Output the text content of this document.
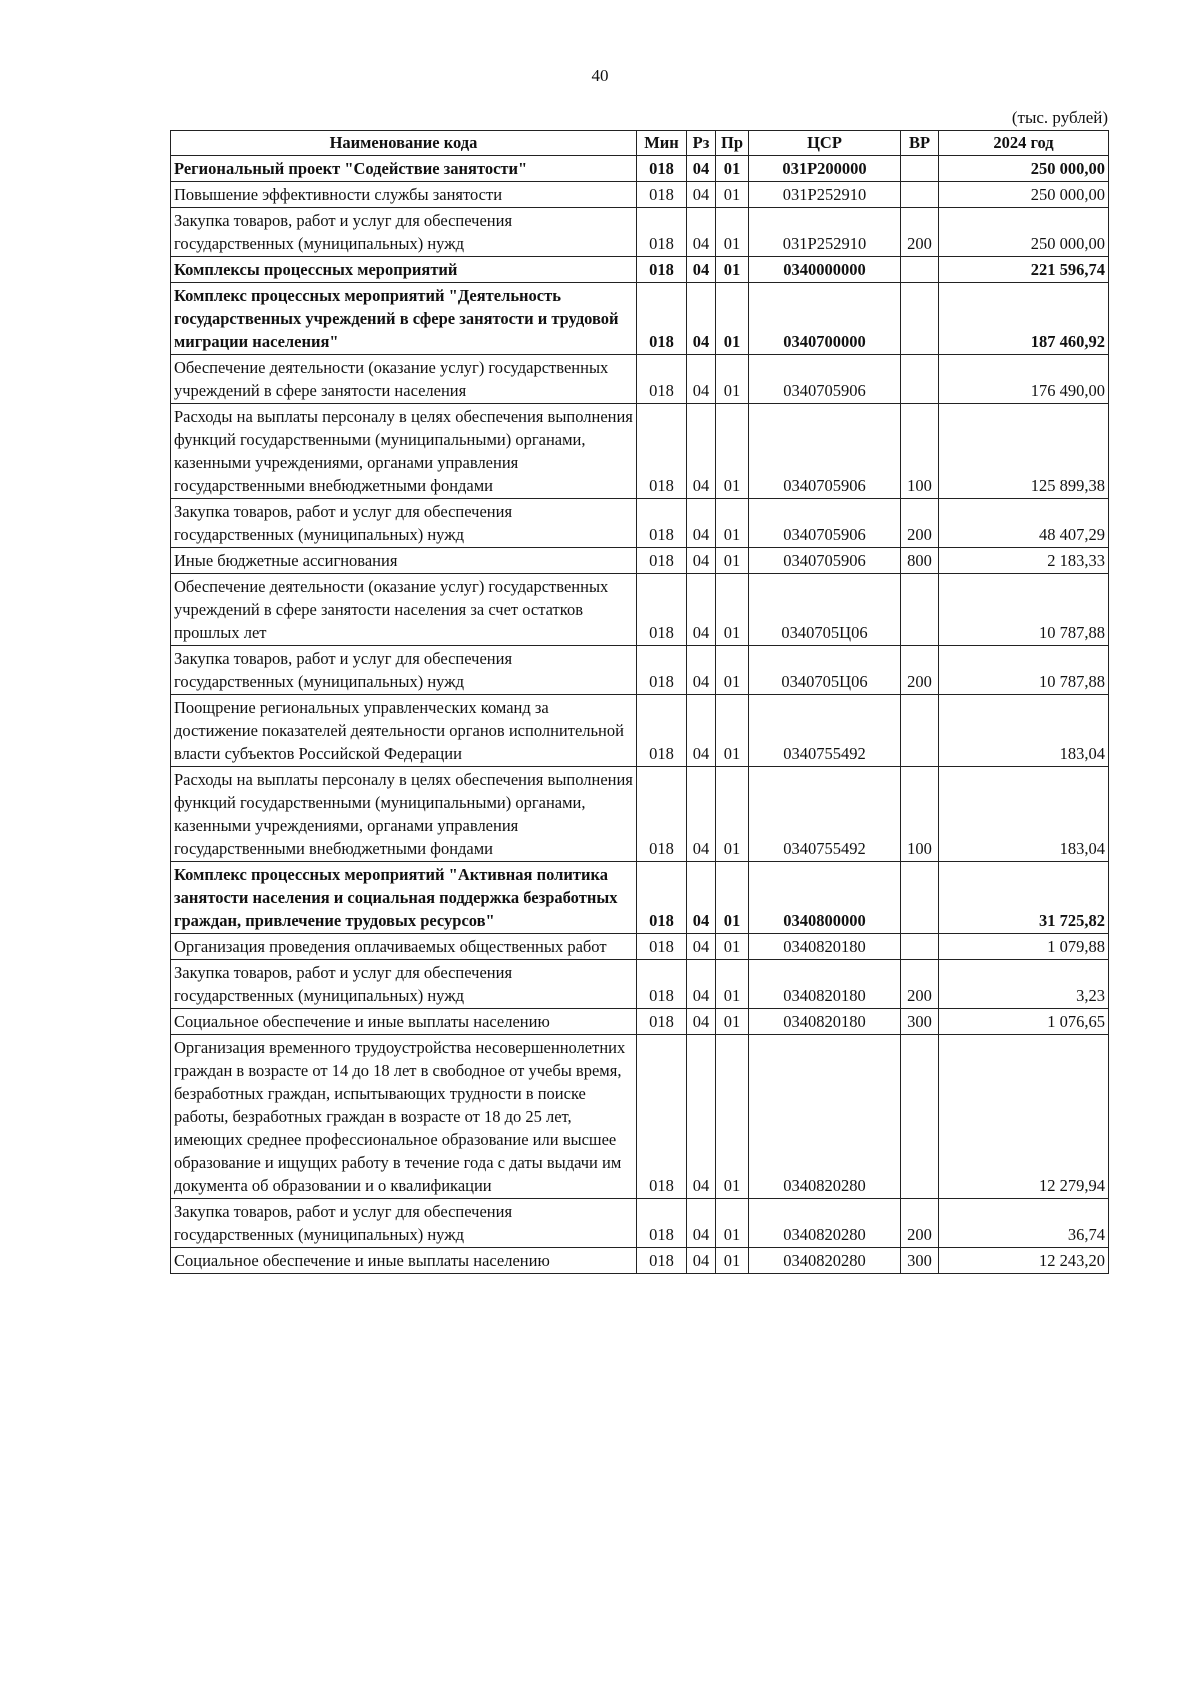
40
(тыс. рублей)
Наименование кода	Мин	Рз	Пр	ЦСР	ВР	2024 год
Региональный проект "Содействие занятости"	018	04	01	031P200000		250 000,00
Повышение эффективности службы занятости	018	04	01	031P252910		250 000,00
Закупка товаров, работ и услуг для обеспечения государственных (муниципальных) нужд	018	04	01	031P252910	200	250 000,00
Комплексы процессных мероприятий	018	04	01	0340000000		221 596,74
Комплекс процессных мероприятий "Деятельность государственных учреждений в сфере занятости и трудовой миграции населения"	018	04	01	0340700000		187 460,92
Обеспечение деятельности (оказание услуг) государственных учреждений в сфере занятости населения	018	04	01	0340705906		176 490,00
Расходы на выплаты персоналу в целях обеспечения выполнения функций государственными (муниципальными) органами, казенными учреждениями, органами управления государственными внебюджетными фондами	018	04	01	0340705906	100	125 899,38
Закупка товаров, работ и услуг для обеспечения государственных (муниципальных) нужд	018	04	01	0340705906	200	48 407,29
Иные бюджетные ассигнования	018	04	01	0340705906	800	2 183,33
Обеспечение деятельности (оказание услуг) государственных учреждений в сфере занятости населения за счет остатков прошлых лет	018	04	01	0340705Ц06		10 787,88
Закупка товаров, работ и услуг для обеспечения государственных (муниципальных) нужд	018	04	01	0340705Ц06	200	10 787,88
Поощрение региональных управленческих команд за достижение показателей деятельности органов исполнительной власти субъектов Российской Федерации	018	04	01	0340755492		183,04
Расходы на выплаты персоналу в целях обеспечения выполнения функций государственными (муниципальными) органами, казенными учреждениями, органами управления государственными внебюджетными фондами	018	04	01	0340755492	100	183,04
Комплекс процессных мероприятий "Активная политика занятости населения и социальная поддержка безработных граждан, привлечение трудовых ресурсов"	018	04	01	0340800000		31 725,82
Организация проведения оплачиваемых общественных работ	018	04	01	0340820180		1 079,88
Закупка товаров, работ и услуг для обеспечения государственных (муниципальных) нужд	018	04	01	0340820180	200	3,23
Социальное обеспечение и иные выплаты населению	018	04	01	0340820180	300	1 076,65
Организация временного трудоустройства несовершеннолетних граждан в возрасте от 14 до 18 лет в свободное от учебы время, безработных граждан, испытывающих трудности в поиске работы, безработных граждан в возрасте от 18 до 25 лет, имеющих среднее профессиональное образование или высшее образование и ищущих работу в течение года с даты выдачи им документа об образовании и о квалификации	018	04	01	0340820280		12 279,94
Закупка товаров, работ и услуг для обеспечения государственных (муниципальных) нужд	018	04	01	0340820280	200	36,74
Социальное обеспечение и иные выплаты населению	018	04	01	0340820280	300	12 243,20
